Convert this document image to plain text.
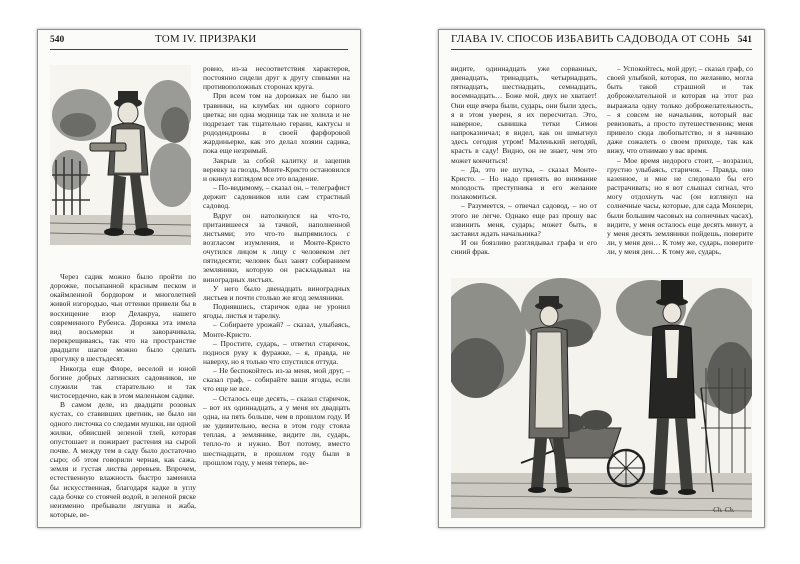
540	ТОМ IV. ПРИЗРАКИ

ровно, из-за несоответствия характеров, постоянно сидели друг к другу спинами на противоположных сторонах круга.

При всем том на дорожках не было ни травинки, на клумбах ни одного сорного цветка; ни одна модница так не холила и не подрезает так тщательно герани, кактусы и рододендроны в своей фарфоровой жардиньерке, как это делал хозяин садика, пока еще незримый.

Закрыв за собой калитку и зацепив веревку за гвоздь, Монте-Кристо остановился и окинул взглядом все это владение.

– По-видимому, – сказал он, – телеграфист держит садовников или сам страстный садовод.

Вдруг он натолкнулся на что-то, притаившееся за тачкой, наполненной листьями; это что-то выпрямилось с возгласом изумления, и Монте-Кристо очутился лицом к лицу с человеком лет пятидесяти; человек был занят собиранием земляники, которую он раскладывал на виноградных листьях.

У него было двенадцать виноградных листьев и почти столько же ягод земляники.

Поднявшись, старичок едва не уронил ягоды, листья и тарелку.

– Собираете урожай? – сказал, улыбаясь, Монте-Кристо.

– Простите, сударь, – ответил старичок, поднося руку к фуражке, – я, правда, не наверху, но я только что спустился оттуда.

– Не беспокойтесь из-за меня, мой друг, – сказал граф, – собирайте ваши ягоды, если что еще не все.

– Осталось еще десять, – сказал старичок, – вот их одиннадцать, а у меня их двадцать одна, на пять больше, чем в прошлом году. И не удивительно, весна в этом году стояла теплая, а землянике, видите ли, сударь, тепло-то и нужно. Вот потому, вместо шестнадцати, в прошлом году были в прошлом году, у меня теперь, ве-

Через садик можно было пройти по дорожке, посыпанной красным песком и окаймленной бордюром и многолетней живой изгородью, чьи оттенки привели бы в восхищение взор Делакруа, нашего современного Рубенса. Дорожка эта имела вид восьмерки и заворачивала, перекрещиваясь, так что на пространстве двадцати шагов можно было сделать прогулку в шестьдесят.

Никогда еще Флоре, веселой и юной богине добрых латинских садовников, не служили так старательно и так чистосердечно, как в этом маленьком садике.

В самом деле, из двадцати розовых кустах, со ставивших цветник, не было ни одного листочка со следами мушки, ни одной жилки, обвисшей зеленой тлей, которая опустошает и пожирает растения на сырой почве. А между тем в саду было достаточно сыро; об этом говорили черная, как сажа, земля и густая листва деревьев. Впрочем, естественную влажность быстро заменила бы искусственная, благодаря кадке в углу сада бочке со стоячей водой, в зеленой ряске неизменно пребывали лягушка и жаба, которые, ве-

ГЛАВА IV. СПОСОБ ИЗБАВИТЬ САДОВОДА ОТ СОНЬ 541

видите, одиннадцать уже сорванных, двенадцать, тринадцать, четырнадцать, пятнадцать, шестнадцать, семнадцать, восемнадцать… Боже мой, двух не хватает! Они еще вчера были, сударь, они были здесь, я в этом уверен, я их пересчитал. Это, наверное, сынишка тетки Симон напроказничал; я видел, как он шмыгнул здесь сегодня утром! Маленький негодяй, красть в саду! Видно, он не знает, чем это может кончиться!

– Да, это не шутка, – сказал Монте-Кристо. – Но надо принять во внимание молодость преступника и его желание полакомиться.

– Разумеется, – отвечал садовод, – но от этого не легче. Однако еще раз прошу вас извинить меня, сударь; может быть, я заставил ждать начальника?

И он боязливо разглядывал графа и его синий фрак.

– Успокойтесь, мой друг, – сказал граф, со своей улыбкой, которая, по желанию, могла быть такой страшной и так доброжелательной и которая на этот раз выражала одну только доброжелательность, – я совсем не начальник, который вас ревизовать, а просто путешественник; меня привело сюда любопытство, и я начинаю даже сожалеть о своем приходе, так как вижу, что отнимаю у вас время.

– Мое время недорого стоит, – возразил, грустно улыбаясь, старичок. – Правда, оно казенное, и мне не следовало бы его растрачивать; но я вот слышал сигнал, что могу отдохнуть час (он взглянул на солнечные часы, которые, для сада Монлери, были большим часовых на солнечных часах), видите, у меня осталось еще десять минут, а у меня десять земляники пойдешь, поверите ли, у меня ден… К тому же, сударь, поверите ли, у меня ден… К тому же, сударь,

Ch. Ch.
